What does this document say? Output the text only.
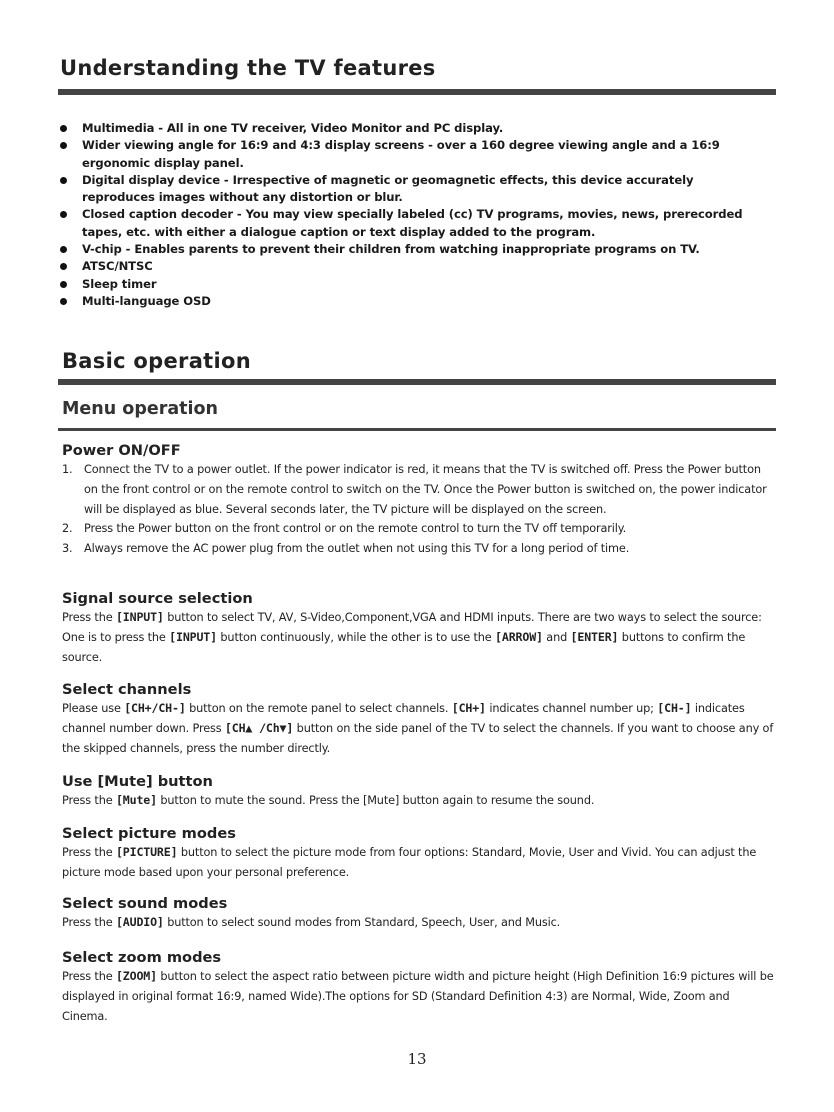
Understanding the TV features
Multimedia - All in one TV receiver, Video Monitor and PC display.
Wider viewing angle for 16:9 and 4:3 display screens - over a 160 degree viewing angle and a 16:9 ergonomic display panel.
Digital display device - Irrespective of magnetic or geomagnetic effects, this device accurately reproduces images without any distortion or blur.
Closed caption decoder - You may view specially labeled (cc) TV programs, movies, news, prerecorded tapes, etc. with either a dialogue caption or text display added to the program.
V-chip - Enables parents to prevent their children from watching inappropriate programs on TV.
ATSC/NTSC
Sleep timer
Multi-language OSD
Basic operation
Menu operation
Power ON/OFF
1. Connect the TV to a power outlet. If the power indicator is red, it means that the TV is switched off. Press the Power button on the front control or on the remote control to switch on the TV. Once the Power button is switched on, the power indicator will be displayed as blue. Several seconds later, the TV picture will be displayed on the screen.
2. Press the Power button on the front control or on the remote control to turn the TV off temporarily.
3. Always remove the AC power plug from the outlet when not using this TV for a long period of time.
Signal source selection
Press the [INPUT] button to select TV, AV, S-Video,Component,VGA and HDMI inputs. There are two ways to select the source: One is to press the [INPUT] button continuously, while the other is to use the [ARROW] and [ENTER] buttons to confirm the source.
Select channels
Please use [CH+/CH-] button on the remote panel to select channels. [CH+] indicates channel number up; [CH-] indicates channel number down. Press [CH▲ /Ch▼] button on the side panel of the TV to select the channels. If you want to choose any of the skipped channels, press the number directly.
Use [Mute] button
Press the [Mute] button to mute the sound. Press the [Mute] button again to resume the sound.
Select picture modes
Press the [PICTURE] button to select the picture mode from four options: Standard, Movie, User and Vivid. You can adjust the picture mode based upon your personal preference.
Select sound modes
Press the [AUDIO] button to select sound modes from Standard, Speech, User, and Music.
Select zoom modes
Press the [ZOOM] button to select the aspect ratio between picture width and picture height (High Definition 16:9 pictures will be displayed in original format 16:9, named Wide).The options for SD (Standard Definition 4:3) are Normal, Wide, Zoom and Cinema.
13
